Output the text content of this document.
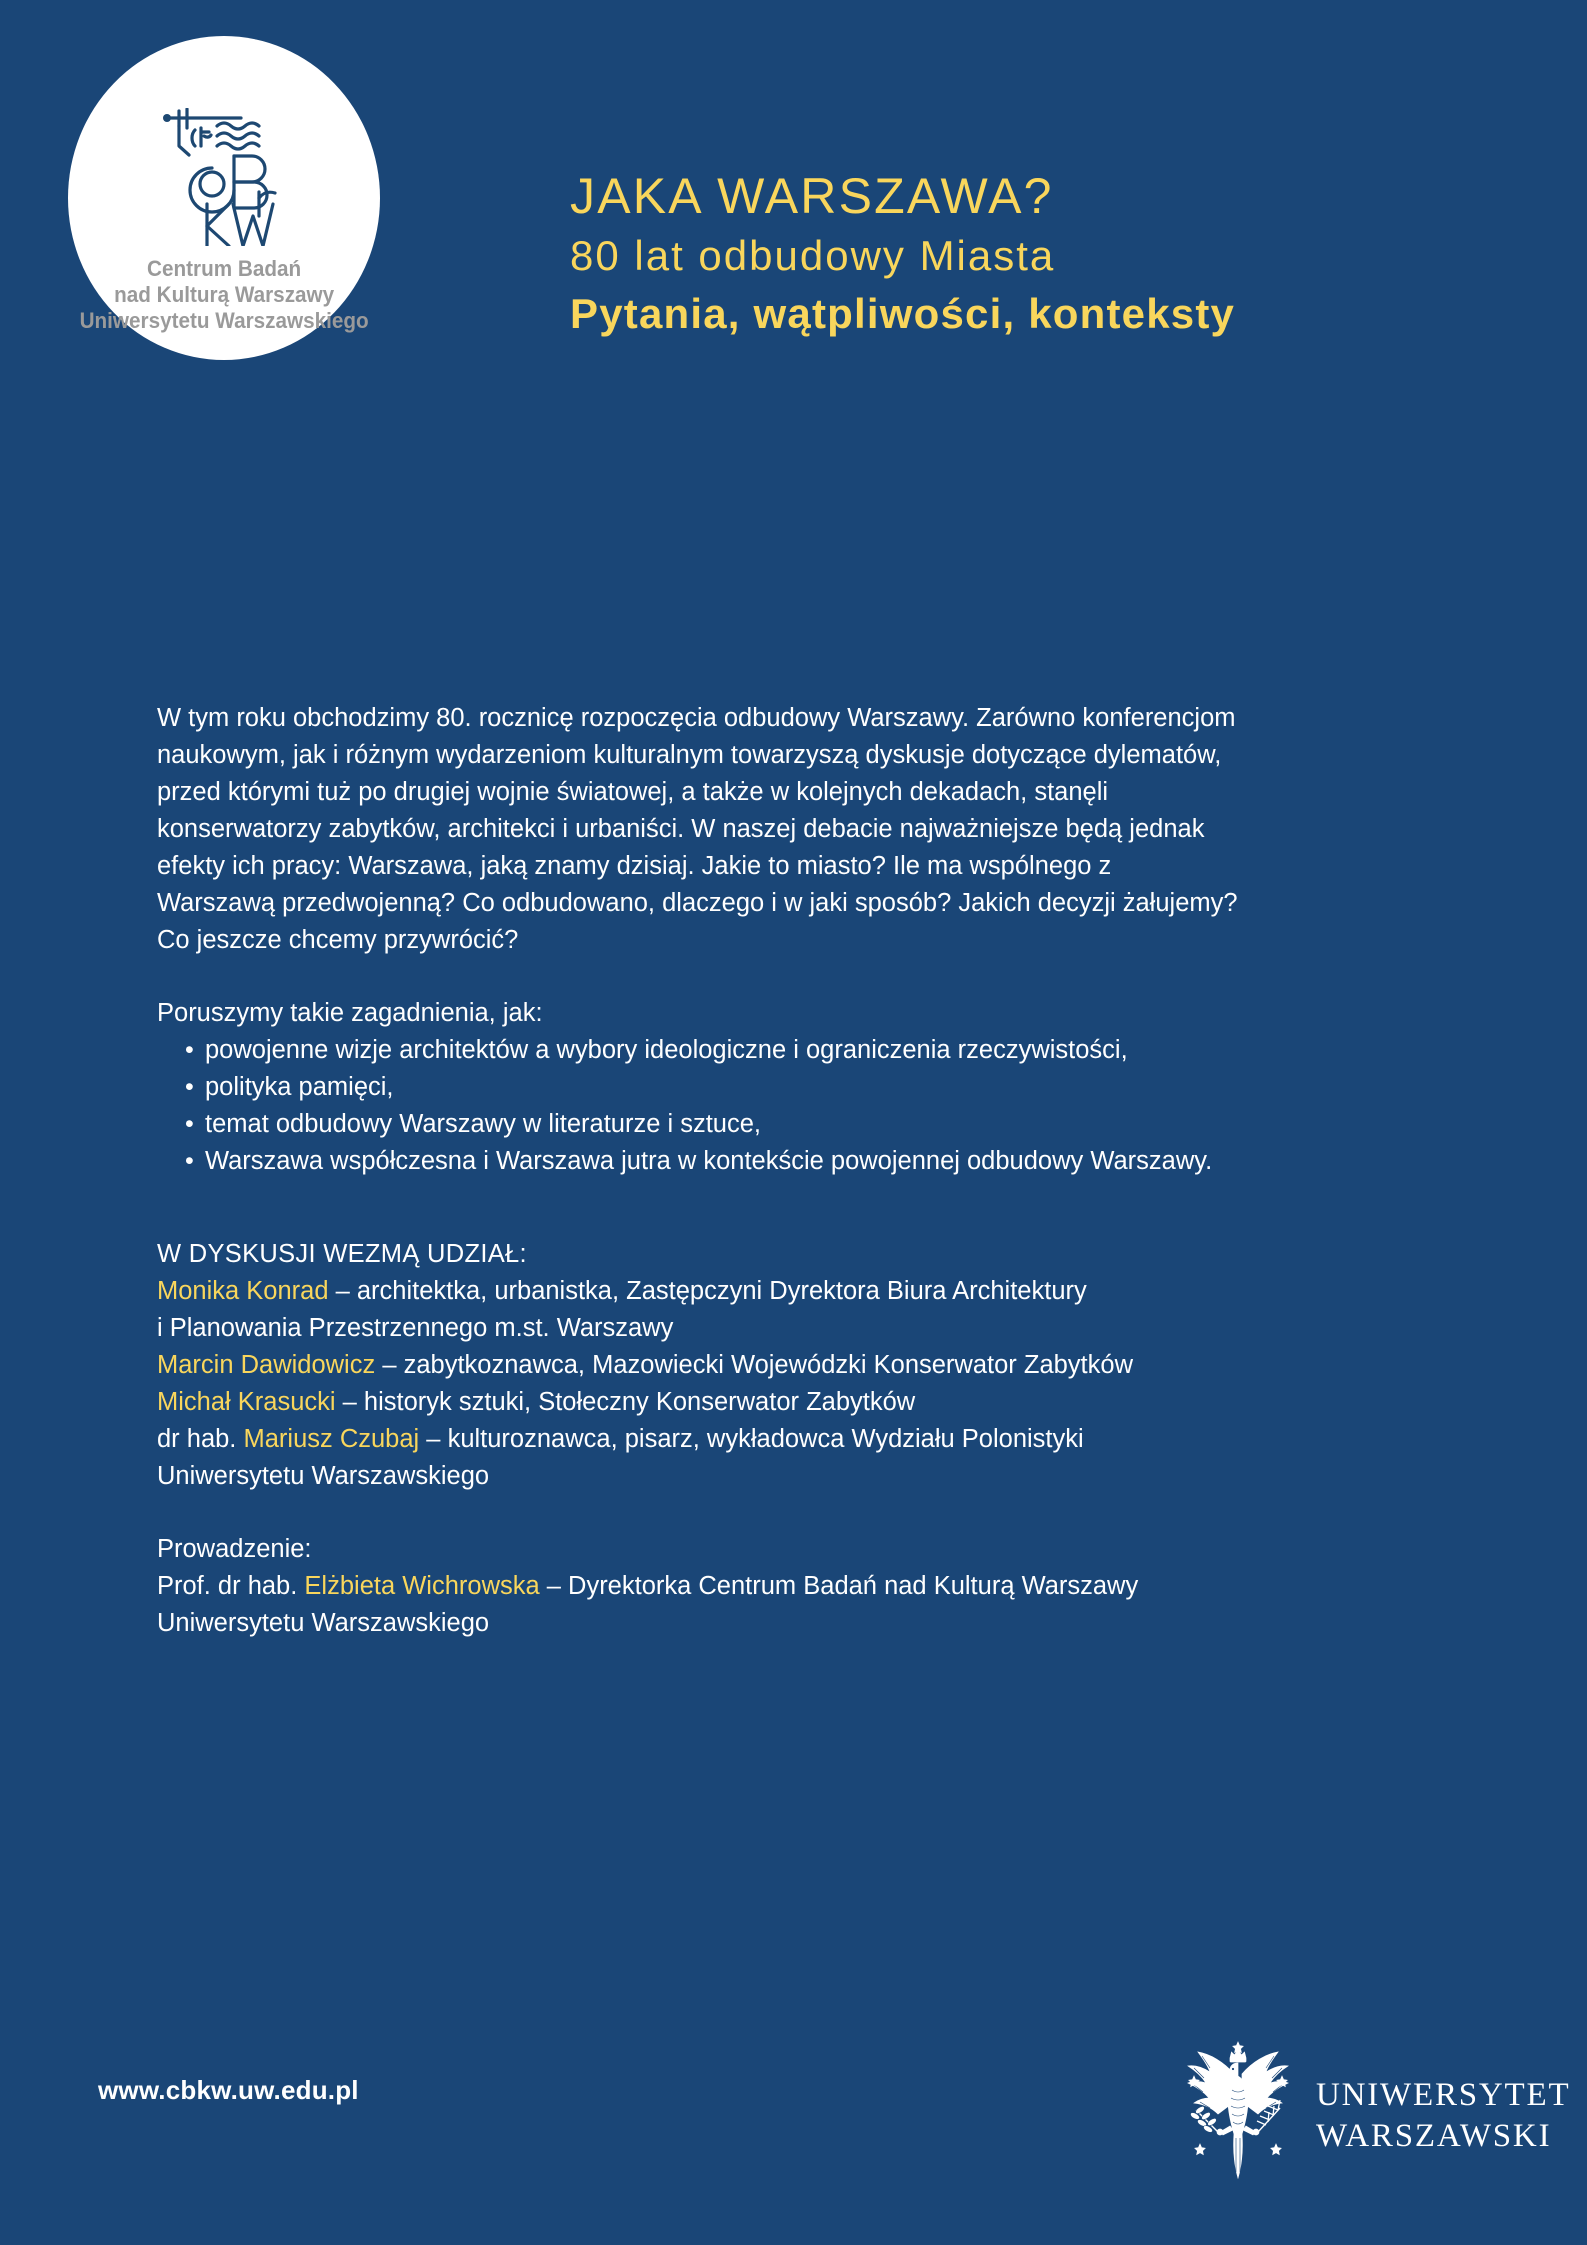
Centrum Badań
nad Kulturą Warszawy
Uniwersytetu Warszawskiego
JAKA WARSZAWA?
80 lat odbudowy Miasta
Pytania, wątpliwości, konteksty

W tym roku obchodzimy 80. rocznicę rozpoczęcia odbudowy Warszawy. Zarówno konferencjom

naukowym, jak i różnym wydarzeniom kulturalnym towarzyszą dyskusje dotyczące dylematów,

przed którymi tuż po drugiej wojnie światowej, a także w kolejnych dekadach, stanęli

konserwatorzy zabytków, architekci i urbaniści. W naszej debacie najważniejsze będą jednak

efekty ich pracy: Warszawa, jaką znamy dzisiaj. Jakie to miasto? Ile ma wspólnego z

Warszawą przedwojenną? Co odbudowano, dlaczego i w jaki sposób? Jakich decyzji żałujemy?

Co jeszcze chcemy przywrócić?

Poruszymy takie zagadnienia, jak:
• powojenne wizje architektów a wybory ideologiczne i ograniczenia rzeczywistości,
• polityka pamięci,
• temat odbudowy Warszawy w literaturze i sztuce,
• Warszawa współczesna i Warszawa jutra w kontekście powojennej odbudowy Warszawy.
W DYSKUSJI WEZMĄ UDZIAŁ:

Monika Konrad – architektka, urbanistka, Zastępczyni Dyrektora Biura Architektury

i Planowania Przestrzennego m.st. Warszawy

Marcin Dawidowicz – zabytkoznawca, Mazowiecki Wojewódzki Konserwator Zabytków

Michał Krasucki – historyk sztuki, Stołeczny Konserwator Zabytków

dr hab. Mariusz Czubaj – kulturoznawca, pisarz, wykładowca Wydziału Polonistyki

Uniwersytetu Warszawskiego

Prowadzenie:

Prof. dr hab. Elżbieta Wichrowska – Dyrektorka Centrum Badań nad Kulturą Warszawy

Uniwersytetu Warszawskiego

www.cbkw.uw.edu.pl	UNIWERSYTET
WARSZAWSKI
